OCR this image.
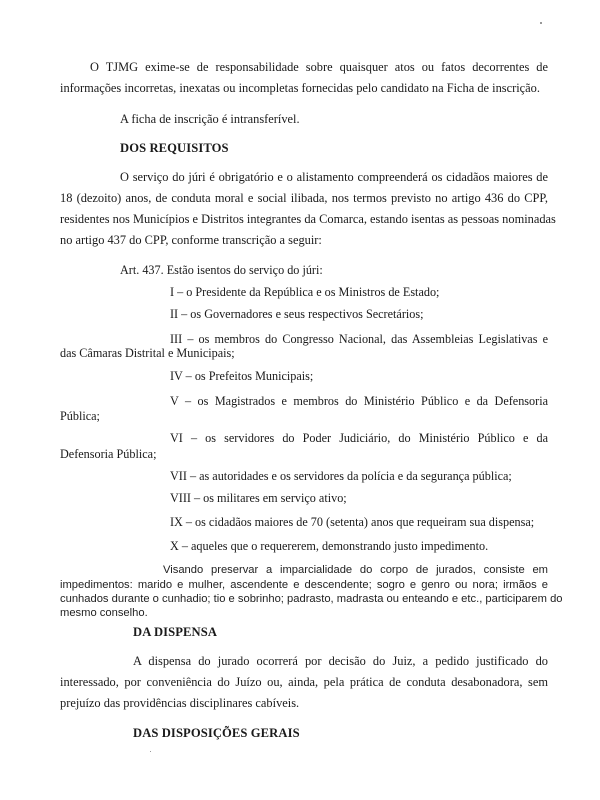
O TJMG exime-se de responsabilidade sobre quaisquer atos ou fatos decorrentes de
informações incorretas, inexatas ou incompletas fornecidas pelo candidato na Ficha de inscrição.
A ficha de inscrição é intransferível.
DOS REQUISITOS
O serviço do júri é obrigatório e o alistamento compreenderá os cidadãos maiores de
18 (dezoito) anos, de conduta moral e social ilibada, nos termos previsto no artigo 436 do CPP,
residentes nos Municípios e Distritos integrantes da Comarca, estando isentas as pessoas nominadas
no artigo 437 do CPP, conforme transcrição a seguir:
Art. 437. Estão isentos do serviço do júri:
I – o Presidente da República e os Ministros de Estado;
II – os Governadores e seus respectivos Secretários;
III – os membros do Congresso Nacional, das Assembleias Legislativas e
das Câmaras Distrital e Municipais;
IV – os Prefeitos Municipais;
V – os Magistrados e membros do Ministério Público e da Defensoria
Pública;
VI – os servidores do Poder Judiciário, do Ministério Público e da
Defensoria Pública;
VII – as autoridades e os servidores da polícia e da segurança pública;
VIII – os militares em serviço ativo;
IX – os cidadãos maiores de 70 (setenta) anos que requeiram sua dispensa;
X – aqueles que o requererem, demonstrando justo impedimento.
Visando preservar a imparcialidade do corpo de jurados, consiste em
impedimentos: marido e mulher, ascendente e descendente; sogro e genro ou nora; irmãos e
cunhados durante o cunhadio; tio e sobrinho; padrasto, madrasta ou enteando e etc., participarem do
mesmo conselho.
DA DISPENSA
A dispensa do jurado ocorrerá por decisão do Juiz, a pedido justificado do
interessado, por conveniência do Juízo ou, ainda, pela prática de conduta desabonadora, sem
prejuízo das providências disciplinares cabíveis.
DAS DISPOSIÇÕES GERAIS
